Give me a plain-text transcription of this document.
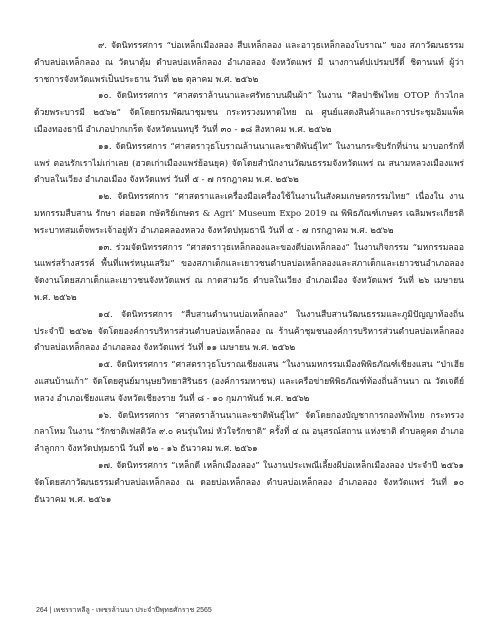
๙. จัดนิทรรศการ “บ่อเหล็กเมืองลอง สืบเหล็กลอง และอาวุธเหล็กลองโบราณ” ของ สภาวัฒนธรรมตำบลบ่อเหล็กลอง ณ วัดนาตุ้ม ตำบลบ่อเหล็กลอง อำเภอลอง จังหวัดแพร่ มี นางกานต์ปเปรมปรีดิ์ ชิตานนท์ ผู้ว่าราชการจังหวัดแพร่เป็นประธาน วันที่ ๒๒ ตุลาคม พ.ศ. ๒๕๖๒

๑๐. จัดนิทรรศการ “ศาสตราล้านนาและศรัทธาบนผืนผ้า” ในงาน “ศิลปาชีพไทย OTOP ก้าวไกล ด้วยพระบารมี ๒๕๖๒” จัดโดยกรมพัฒนาชุมชน กระทรวงมหาดไทย ณ ศูนย์แสดงสินค้าและการประชุมอิมแพ็ค เมืองทองธานี อำเภอปากเกร็ด จังหวัดนนทบุรี วันที่ ๓๐ - ๑๘ สิงหาคม พ.ศ. ๒๕๖๒

๑๑. จัดนิทรรศการ “ศาสตราวุธโบราณล้านนาและชาติพันธุ์ไท” ในงานกระซิบรักที่น่าน มาบอกรักที่แพร่ ตอนรักเราไม่เก่าเลย (ฮวดเก่าเมืองแพร่ย้อนยุค) จัดโดยสำนักงานวัฒนธรรมจังหวัดแพร่ ณ สนามหลวงเมืองแพร่ ตำบลในเวียง อำเภอเมือง จังหวัดแพร่ วันที่ ๕ - ๗ กรกฎาคม พ.ศ. ๒๕๖๒

๑๒. จัดนิทรรศการ “ศาสตราและเครื่องมือเครื่องใช้ในงานในสังคมเกษตรกรรมไทย” เนื่องใน งานมหกรรมสืบสาน รักษา ต่อยอด กษัตริย์เกษตร & Agri’ Museum Expo 2019 ณ พิพิธภัณฑ์เกษตร เฉลิมพระเกียรติพระบาทสมเด็จพระเจ้าอยู่หัว อำเภอคลองหลวง จังหวัดปทุมธานี วันที่ ๕ - ๗ กรกฎาคม พ.ศ. ๒๕๖๒

๑๓. ร่วมจัดนิทรรศการ “ศาสตราวุธเหล็กลองและของดีบ่อเหล็กลอง” ในงานกิจกรรม “มหกรรมลออนแพร่สร้างสรรค์ พื้นที่แพร่หนุนเสริม” ของสภาเด็กและเยาวชนตำบลบ่อเหล็กลองและสภาเด็กและเยาวชนอำเภอลอง จัดงานโดยสภาเด็กและเยาวชนจังหวัดแพร่ ณ กาดสามวัธ ตำบลในเวียง อำเภอเมือง จังหวัดแพร่ วันที่ ๒๖ เมษายน พ.ศ. ๒๕๖๒

๑๔. จัดนิทรรศการ “สืบสานตำนานบ่อเหล็กลอง” ในงานสืบสานวัฒนธรรมและภูมิปัญญาท้องถิ่น ประจำปี ๒๕๖๒ จัดโดยองค์การบริหารส่วนตำบลบ่อเหล็กลอง ณ ร้านค้าชุมชนองค์การบริหารส่วนตำบลบ่อเหล็กลอง ตำบลบ่อเหล็กลอง อำเภอลอง จังหวัดแพร่ วันที่ ๑๑ เมษายน พ.ศ. ๒๕๖๒

๑๕. จัดนิทรรศการ “ศาสตราวุธโบราณเชียงแสน “ในงานมหกรรมเมืองพิพิธภัณฑ์เชียงแสน “ป่าเฮียงแสนบ้านเก้า” จัดโดยศูนย์มานุษยวิทยาสิรินธร (องค์การมหาชน) และเครือข่ายพิพิธภัณฑ์ท้องถิ่นล้านนา ณ วัดเจดีย์หลวง อำเภอเชียงแสน จังหวัดเชียงราย วันที่ ๘ - ๑๐ กุมภาพันธ์ พ.ศ. ๒๕๖๒

๑๖. จัดนิทรรศการ “ศาสตราล้านนาและชาติพันธุ์ไท” จัดโดยกองบัญชาการกองทัพไทย กระทรวงกลาโหม ในงาน “รักชาติเฟสติวัล ๙.๐ คนรุ่นใหม่ หัวใจรักชาติ” ครั้งที่ ๔ ณ อนุสรณ์สถาน แห่งชาติ ตำบลคูคต อำเภอลำลูกกา จังหวัดปทุมธานี วันที่ ๑๒ - ๑๖ ธันวาคม พ.ศ. ๒๕๖๑

๑๗. จัดนิทรรศการ “เหล็กดี เหล็กเมืองลอง” ในงานประเพณีเลี้ยงผีบ่อเหล็กเมืองลอง ประจำปี ๒๕๖๑ จัดโดยสภาวัฒนธรรมตำบลบ่อเหล็กลอง ณ ดอยบ่อเหล็กลอง ตำบลบ่อเหล็กลอง อำเภอลอง จังหวัดแพร่ วันที่ ๑๐ ธันวาคม พ.ศ. ๒๕๖๑

264 | เพชรราหลีลู - เพชรล้านนา ประจำปีพุทธศักราช 2565
